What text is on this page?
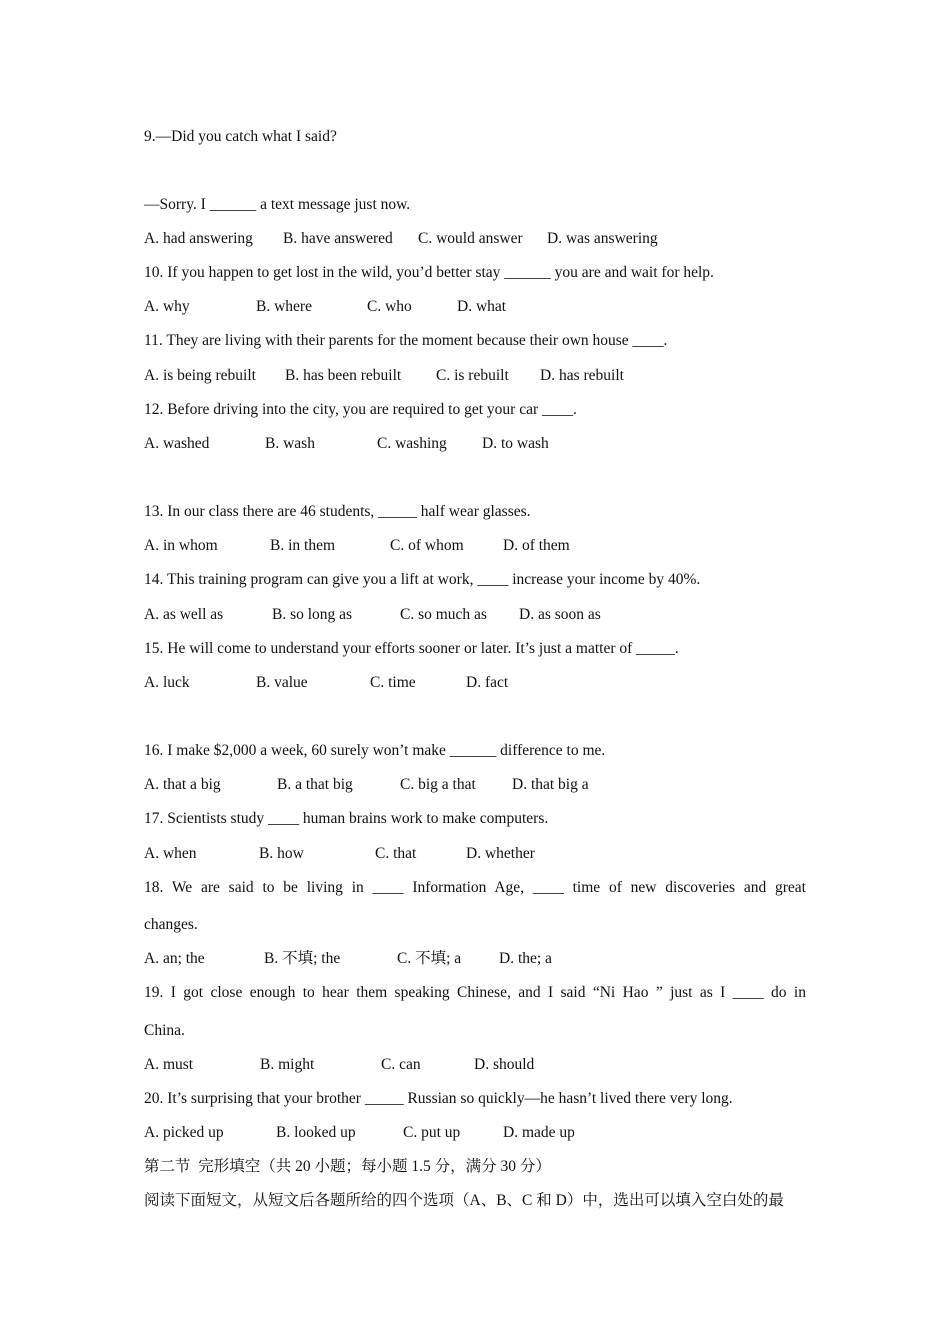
9.—Did you catch what I said?

—Sorry. I ______ a text message just now.

A. had answering B. have answered C. would answer D. was answering

10. If you happen to get lost in the wild, you’d better stay ______ you are and wait for help.

A. why	B. where	C. who	D. what

11. They are living with their parents for the moment because their own house ____.

A. is being rebuilt B. has been rebuilt C. is rebuilt D. has rebuilt

12. Before driving into the city, you are required to get your car ____.

A. washed	B. wash	C. washing D. to wash

13. In our class there are 46 students, _____ half wear glasses.

A. in whom	B. in them	C. of whom	D. of them

14. This training program can give you a lift at work, ____ increase your income by 40%.

A. as well as	B. so long as	C. so much as D. as soon as

15. He will come to understand your efforts sooner or later. It’s just a matter of _____.

A. luck	B. value	C. time	D. fact

16. I make $2,000 a week, 60 surely won’t make ______ difference to me.

A. that a big	B. a that big	C. big a that D. that big a

17. Scientists study ____ human brains work to make computers.

A. when	B. how	C. that	D. whether

18. We are said to be living in ____ Information Age, ____ time of new discoveries and great

changes.

A. an; the	B. 不填; the	C. 不填; a D. the; a

19. I got close enough to hear them speaking Chinese, and I said “Ni Hao ” just as I ____ do in

China.

A. must	B. might	C. can	D. should

20. It’s surprising that your brother _____ Russian so quickly—he hasn’t lived there very long.

A. picked up	B. looked up	C. put up	D. made up

第二节  完形填空（共 20 小题；每小题 1.5 分，满分 30 分）

阅读下面短文，从短文后各题所给的四个选项（A、B、C 和 D）中，选出可以填入空白处的最
